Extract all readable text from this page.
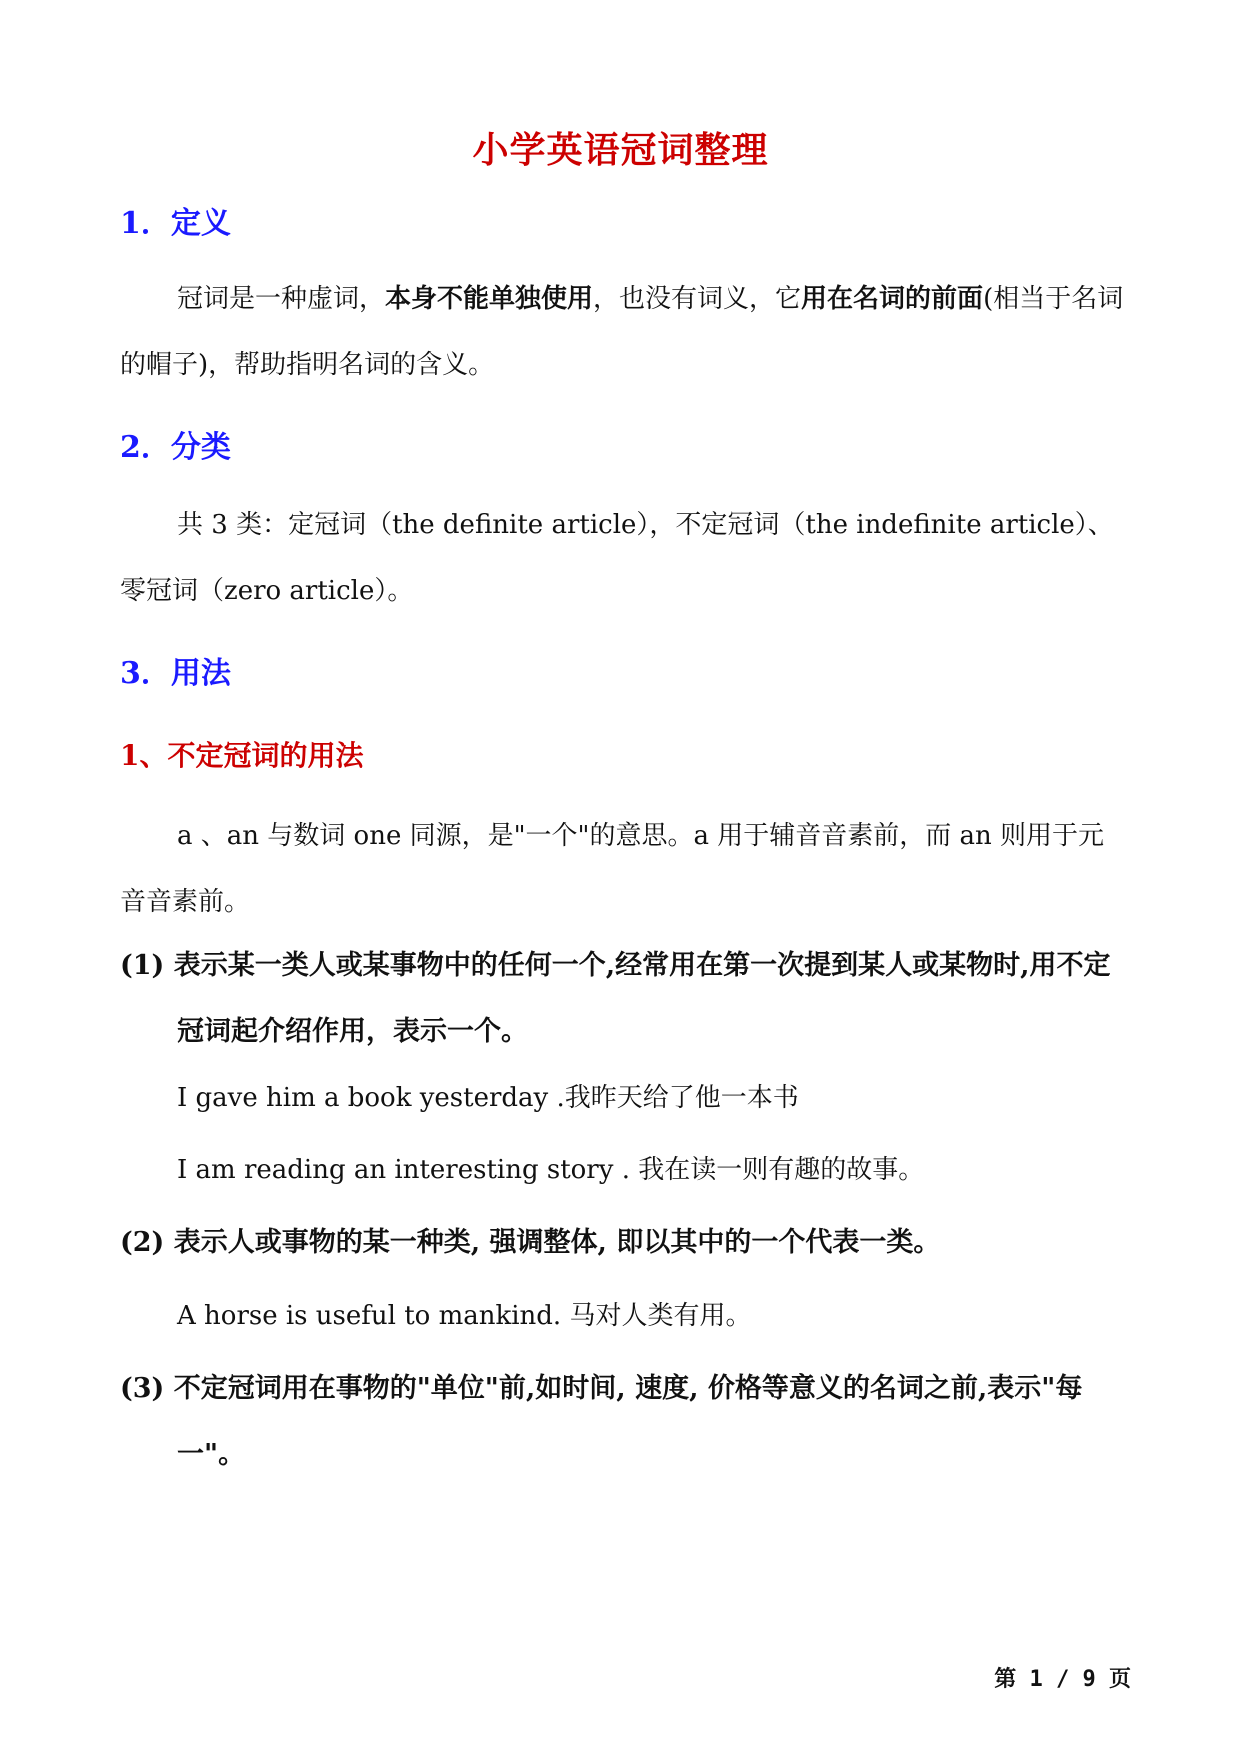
小学英语冠词整理
1．定义
冠词是一种虚词，本身不能单独使用，也没有词义，它用在名词的前面(相当于名词的帽子)，帮助指明名词的含义。
2．分类
共 3 类：定冠词（the definite article），不定冠词（the indefinite article）、零冠词（zero article）。
3．用法
1、不定冠词的用法
a 、an 与数词 one 同源，是"一个"的意思。a 用于辅音音素前，而 an 则用于元音音素前。
(1) 表示某一类人或某事物中的任何一个,经常用在第一次提到某人或某物时,用不定冠词起介绍作用，表示一个。
I gave him a book yesterday .我昨天给了他一本书
I am reading an interesting story . 我在读一则有趣的故事。
(2) 表示人或事物的某一种类, 强调整体, 即以其中的一个代表一类。
A horse is useful to mankind. 马对人类有用。
(3) 不定冠词用在事物的"单位"前,如时间, 速度, 价格等意义的名词之前,表示"每一"。
第 1 / 9 页
